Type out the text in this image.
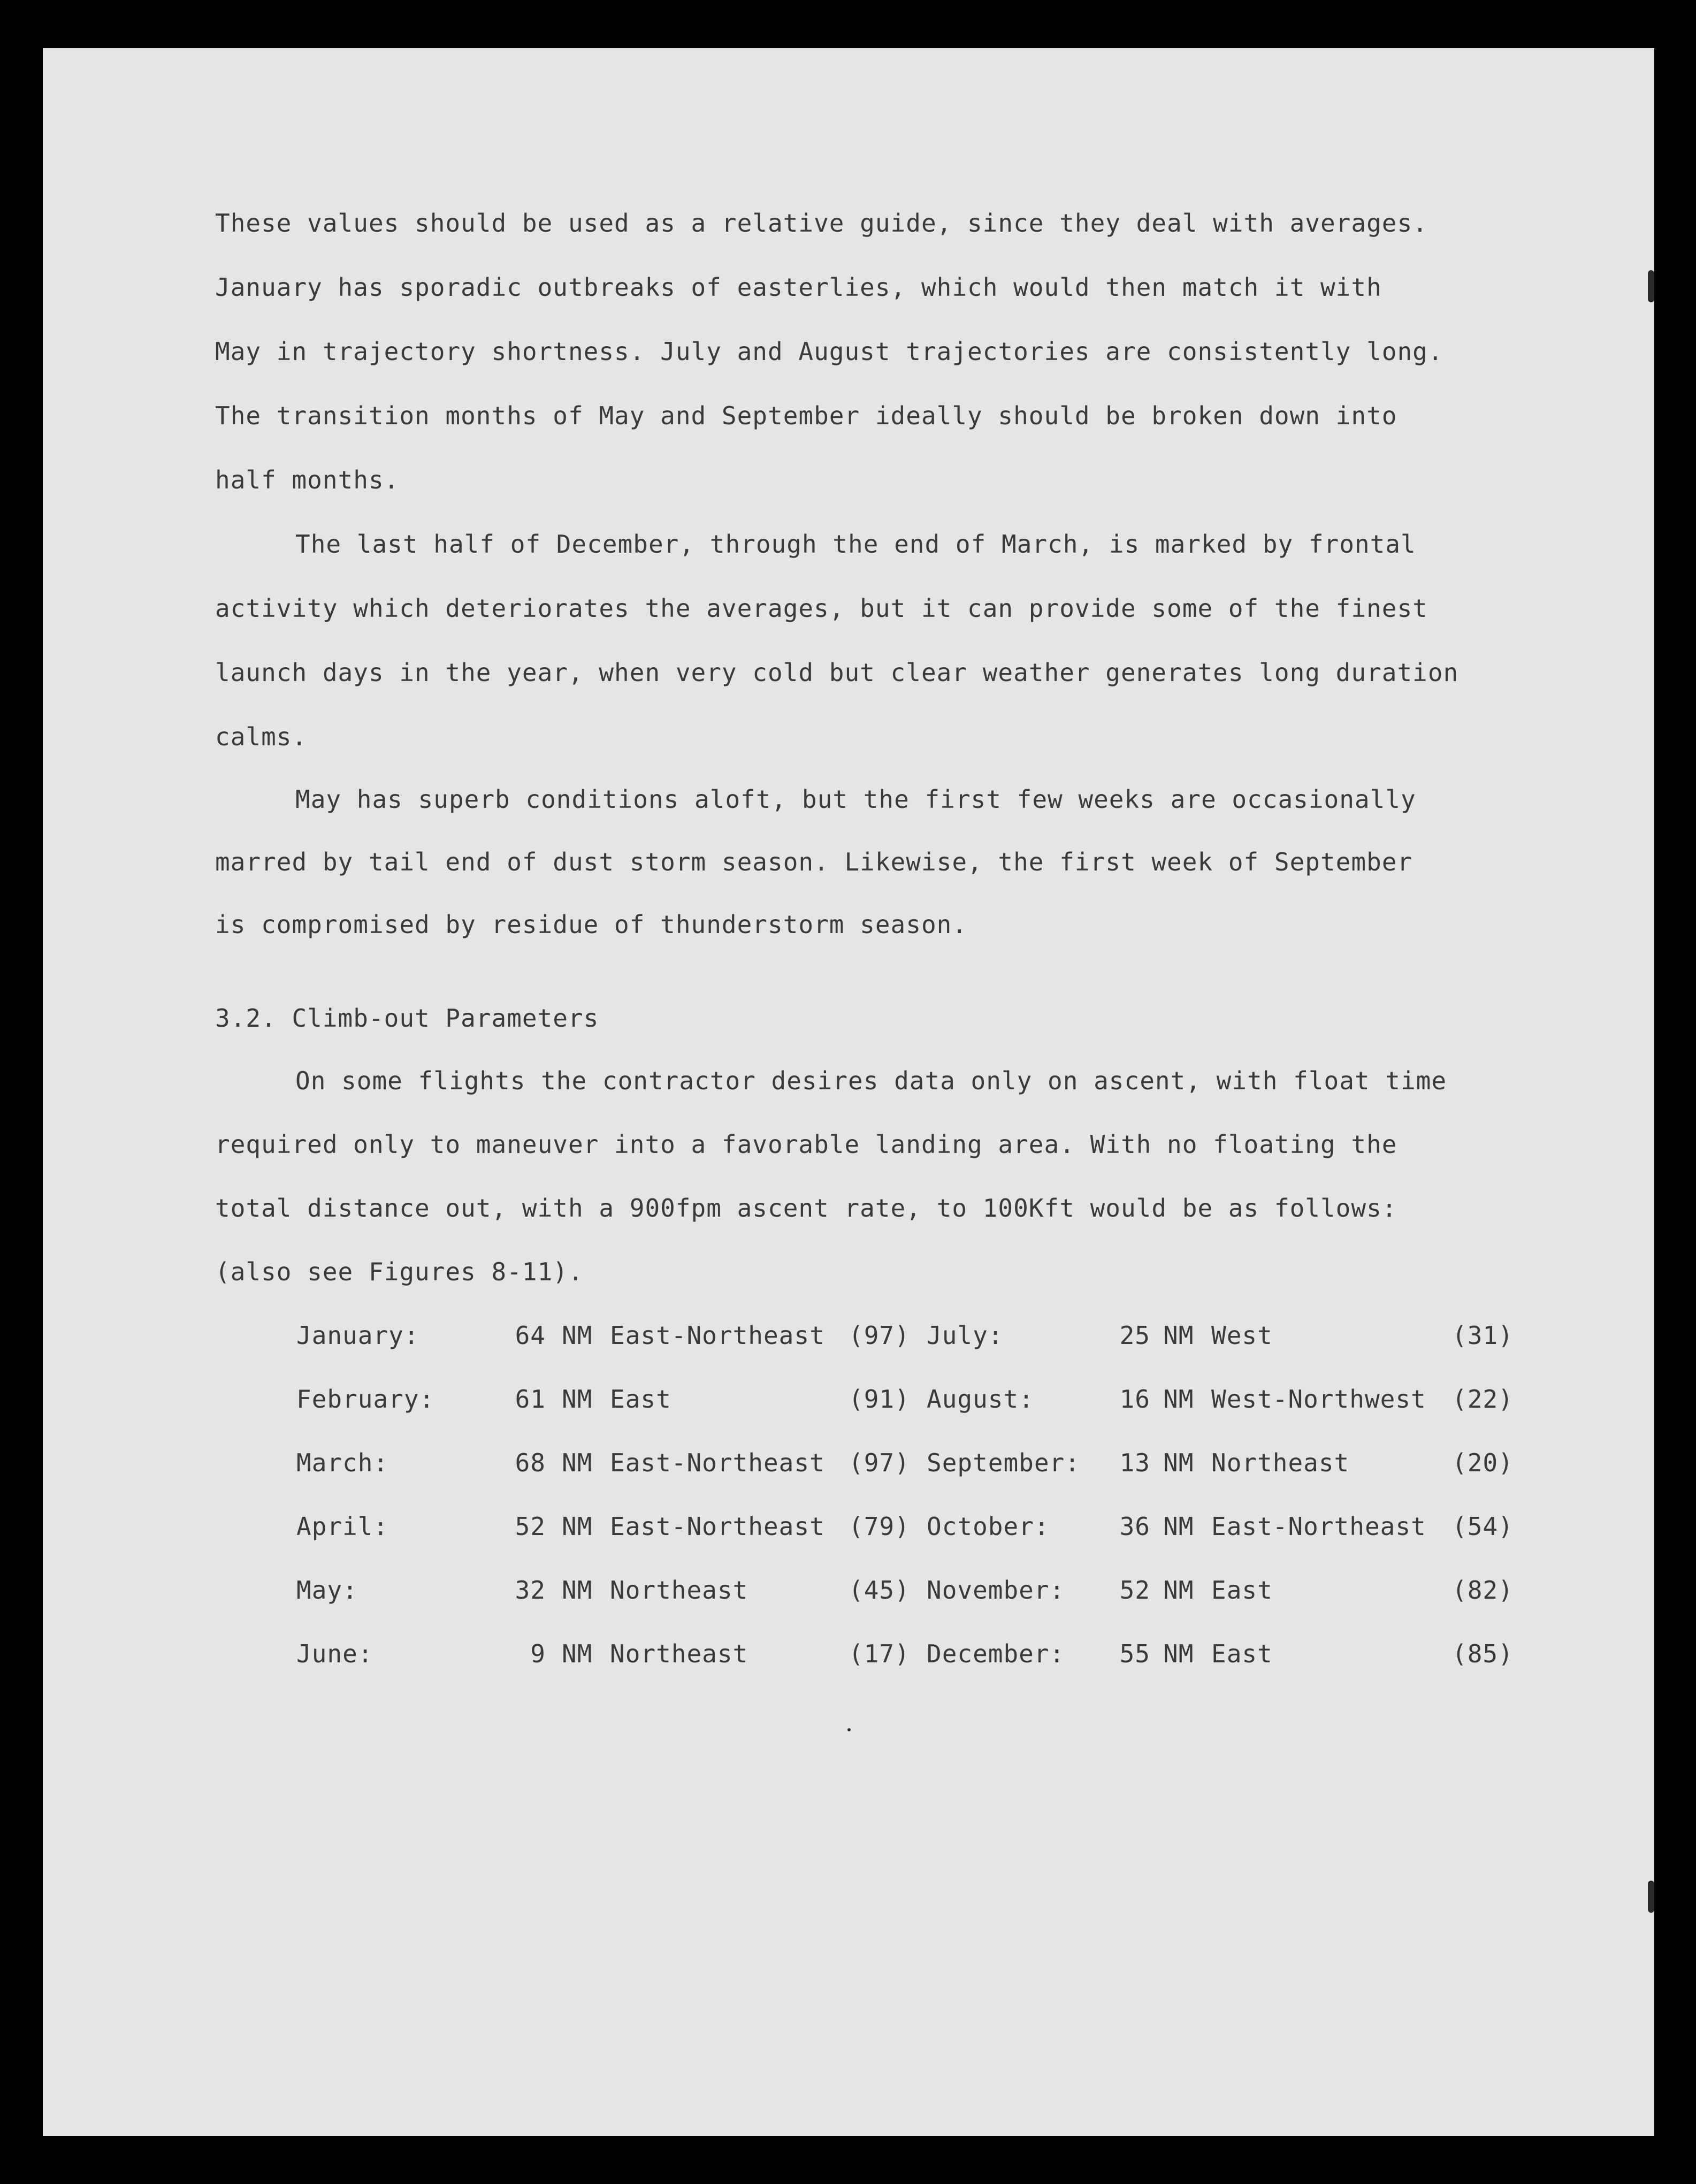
These values should be used as a relative guide, since they deal with averages.
January has sporadic outbreaks of easterlies, which would then match it with
May in trajectory shortness. July and August trajectories are consistently long.
The transition months of May and September ideally should be broken down into
half months.
The last half of December, through the end of March, is marked by frontal
activity which deteriorates the averages, but it can provide some of the finest
launch days in the year, when very cold but clear weather generates long duration
calms.
May has superb conditions aloft, but the first few weeks are occasionally
marred by tail end of dust storm season. Likewise, the first week of September
is compromised by residue of thunderstorm season.
3.2. Climb-out Parameters
On some flights the contractor desires data only on ascent, with float time
required only to maneuver into a favorable landing area. With no floating the
total distance out, with a 900fpm ascent rate, to 100Kft would be as follows:
(also see Figures 8-11).
January:	64 NM East-Northeast (97)
February:	61 NM East	(91)
March:	68 NM East-Northeast (97)
April:	52 NM East-Northeast (79)
May:	32 NM Northeast	(45)
June:	9 NM Northeast	(17)
July:	25 NM West	(31)
August:	16 NM West-Northwest (22)
September:	13 NM Northeast	(20)
October:	36 NM East-Northeast (54)
November:	52 NM East	(82)
December:	55 NM East	(85)
